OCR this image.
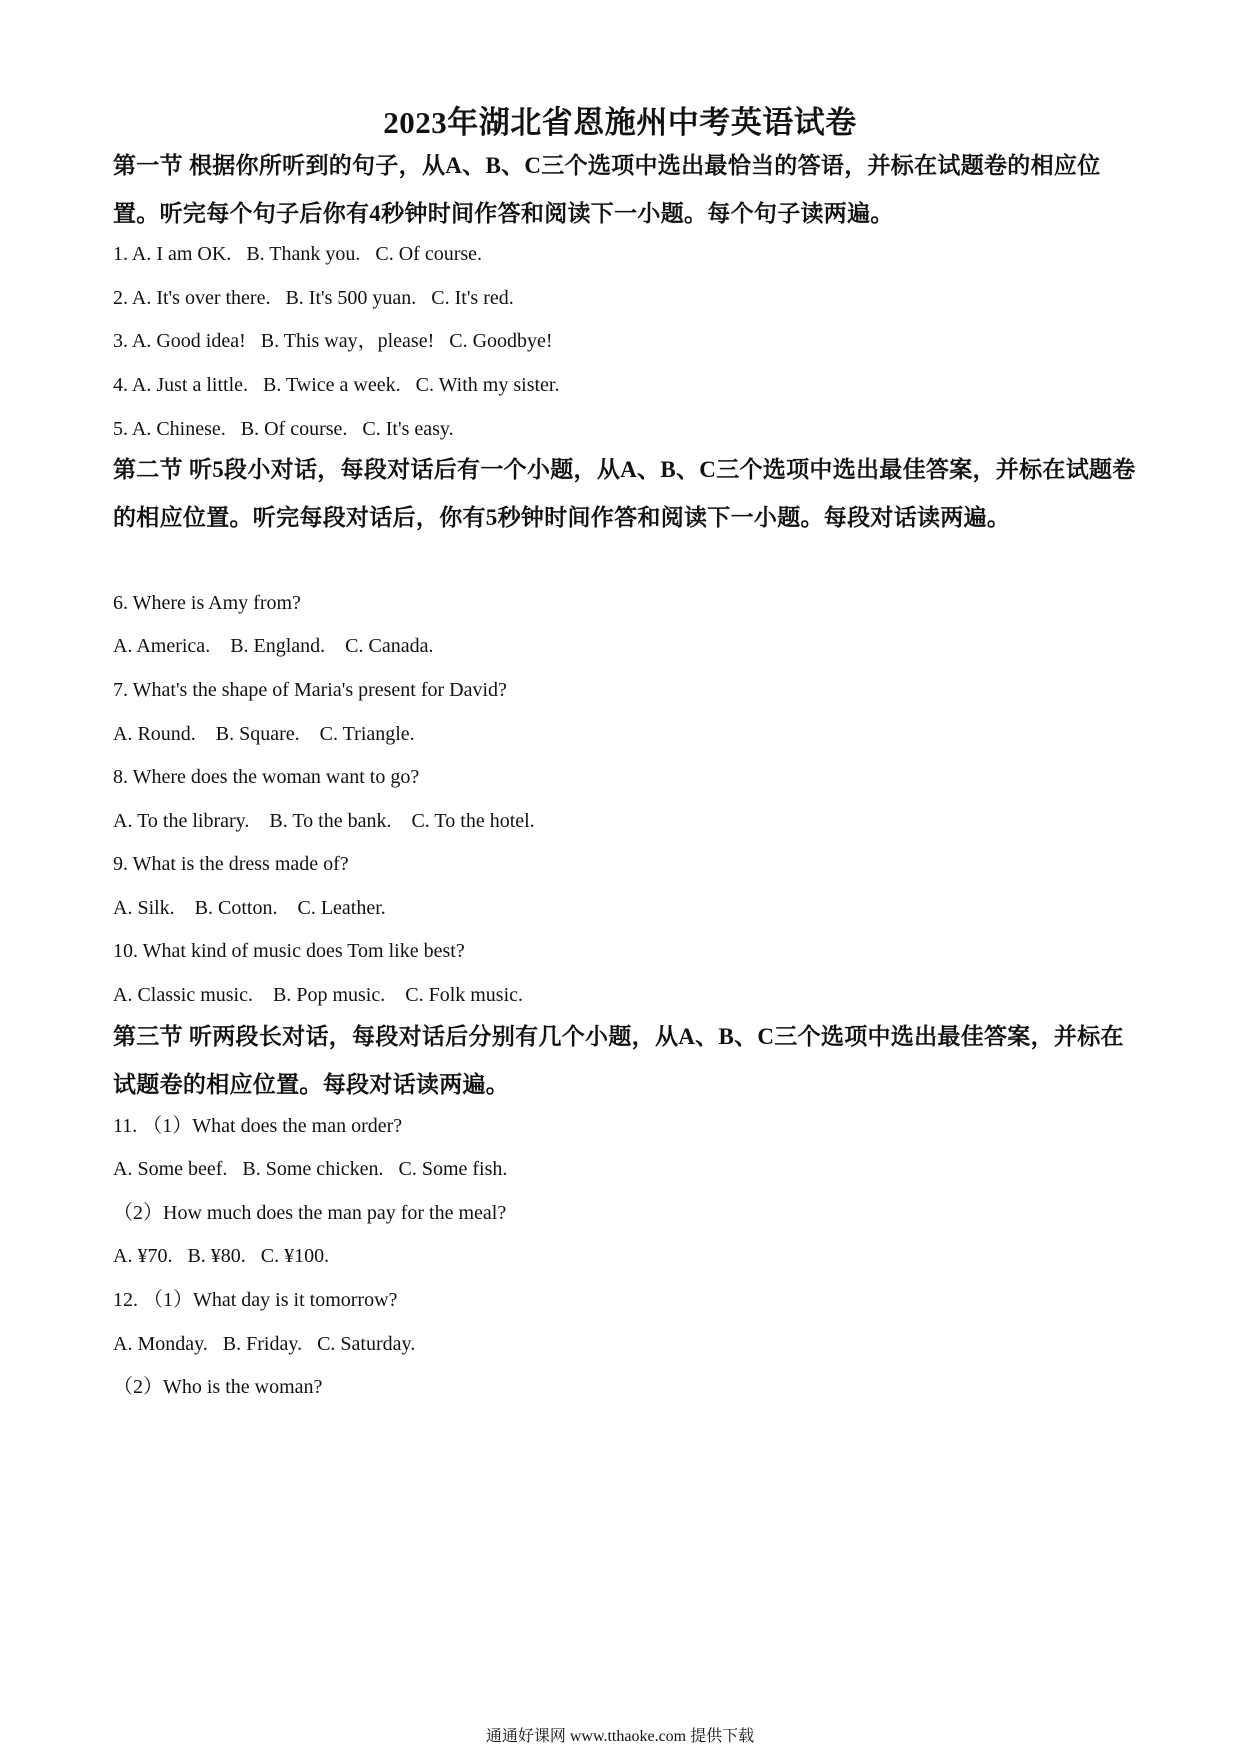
2023年湖北省恩施州中考英语试卷
第一节 根据你所听到的句子，从A、B、C三个选项中选出最恰当的答语，并标在试题卷的相应位置。听完每个句子后你有4秒钟时间作答和阅读下一小题。每个句子读两遍。
1. A. I am OK.   B. Thank you.   C. Of course.
2. A. It's over there.   B. It's 500 yuan.   C. It's red.
3. A. Good idea!   B. This way，please!   C. Goodbye!
4. A. Just a little.   B. Twice a week.   C. With my sister.
5. A. Chinese.   B. Of course.   C. It's easy.
第二节 听5段小对话，每段对话后有一个小题，从A、B、C三个选项中选出最佳答案，并标在试题卷的相应位置。听完每段对话后，你有5秒钟时间作答和阅读下一小题。每段对话读两遍。
6. Where is Amy from?
A. America.    B. England.    C. Canada.
7. What's the shape of Maria's present for David?
A. Round.    B. Square.    C. Triangle.
8. Where does the woman want to go?
A. To the library.    B. To the bank.    C. To the hotel.
9. What is the dress made of?
A. Silk.    B. Cotton.    C. Leather.
10. What kind of music does Tom like best?
A. Classic music.    B. Pop music.    C. Folk music.
第三节 听两段长对话，每段对话后分别有几个小题，从A、B、C三个选项中选出最佳答案，并标在试题卷的相应位置。每段对话读两遍。
11. （1）What does the man order?
A. Some beef.   B. Some chicken.   C. Some fish.
（2）How much does the man pay for the meal?
A. ¥70.   B. ¥80.   C. ¥100.
12. （1）What day is it tomorrow?
A. Monday.   B. Friday.   C. Saturday.
（2）Who is the woman?
通通好课网 www.tthaoke.com 提供下载
